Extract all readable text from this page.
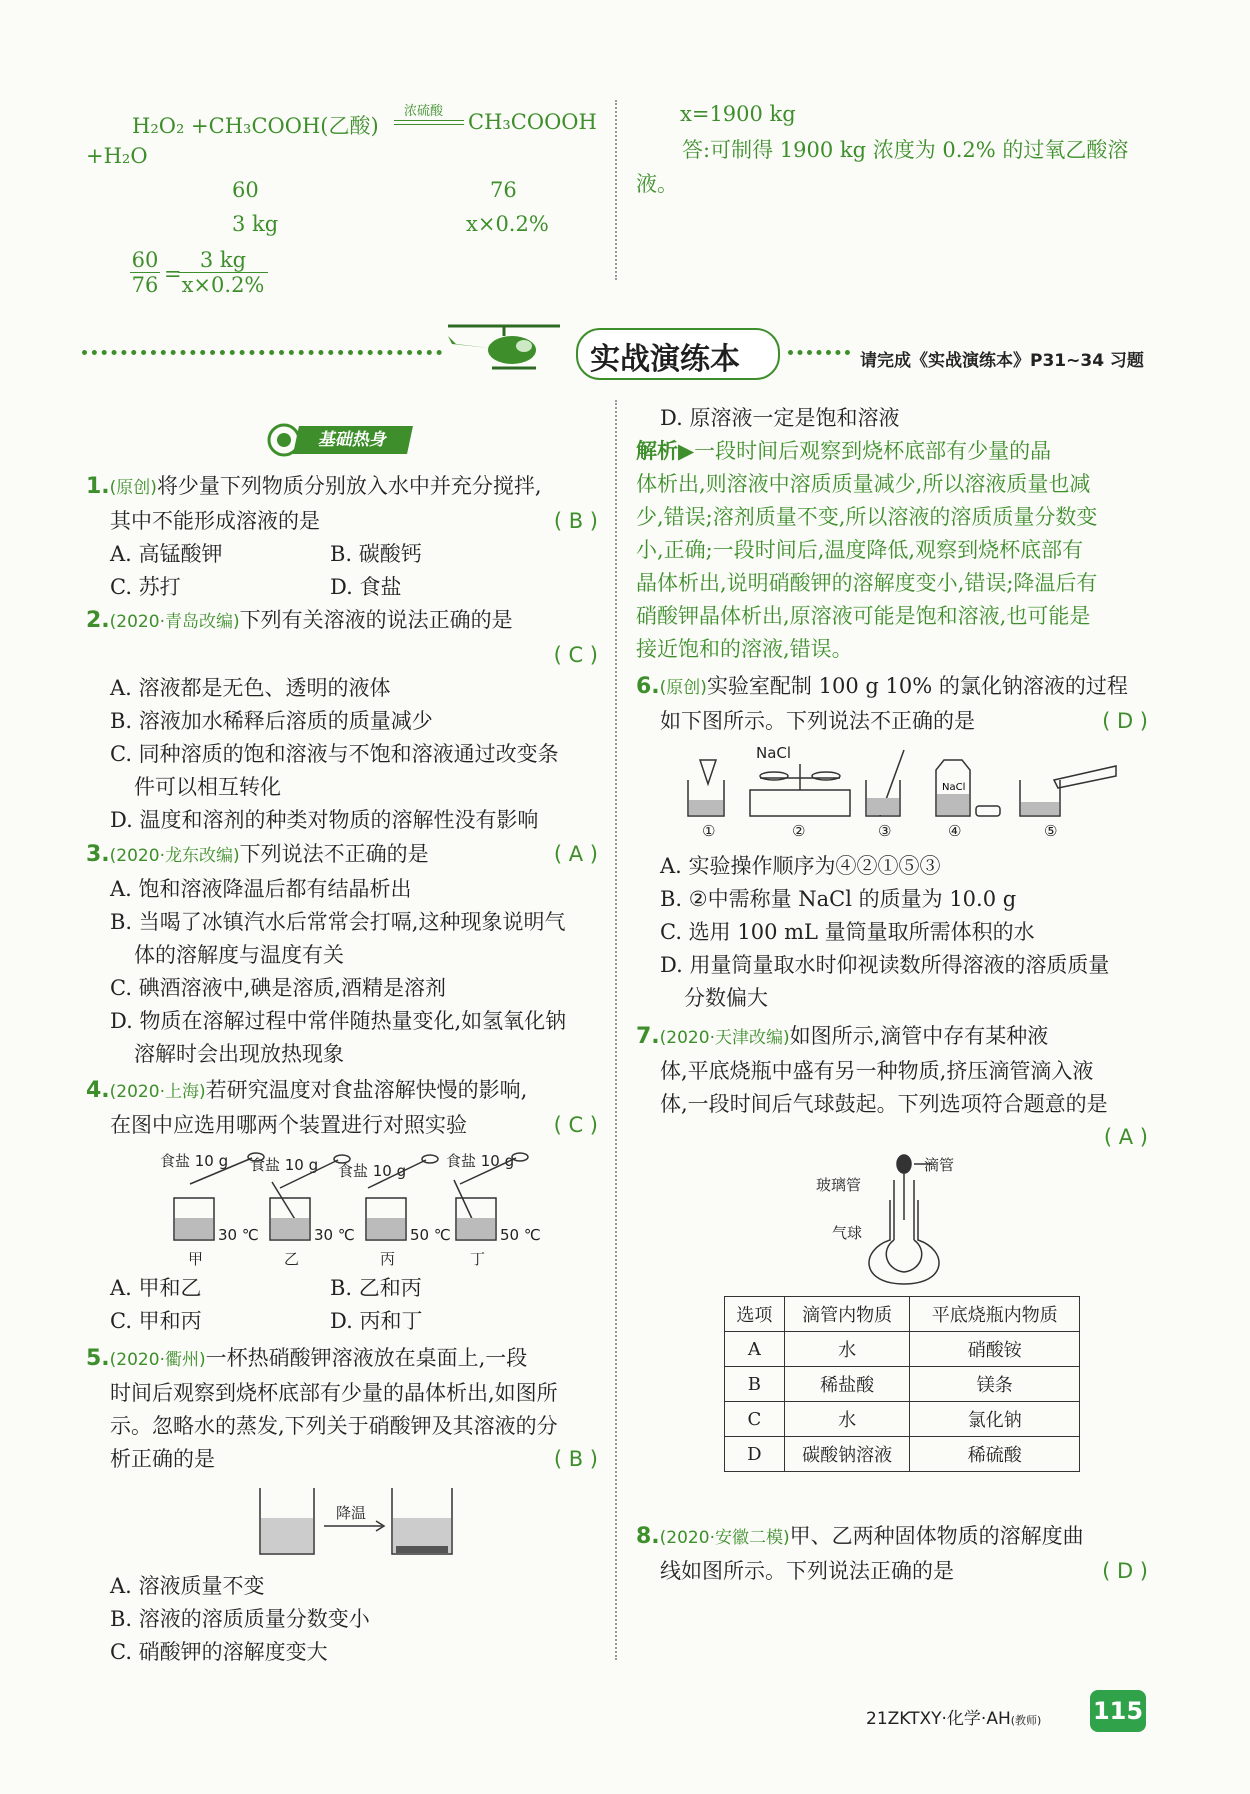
H₂O₂ +CH₃COOH(乙酸)
浓硫酸 CH₃COOOH
+H₂O
60	76
3 kg	x×0.2%
$\frac{60}{76}$ =
$\frac{3 kg}{x\times 0.2\%}$
x=1900 kg
答:可制得 1900 kg 浓度为 0.2% 的过氧乙酸溶
液。
实战演练本	请完成《实战演练本》P31~34 习题
基础热身
1.(原创)将少量下列物质分别放入水中并充分搅拌,
其中不能形成溶液的是	( B )
A. 高锰酸钾	B. 碳酸钙
C. 苏打	D. 食盐
2.(2020·青岛改编)下列有关溶液的说法正确的是
( C )
A. 溶液都是无色、透明的液体
B. 溶液加水稀释后溶质的质量减少
C. 同种溶质的饱和溶液与不饱和溶液通过改变条
件可以相互转化
D. 温度和溶剂的种类对物质的溶解性没有影响
3.(2020·龙东改编)下列说法不正确的是	( A )
A. 饱和溶液降温后都有结晶析出
B. 当喝了冰镇汽水后常常会打嗝,这种现象说明气
体的溶解度与温度有关
C. 碘酒溶液中,碘是溶质,酒精是溶剂
D. 物质在溶解过程中常伴随热量变化,如氢氧化钠
溶解时会出现放热现象
4.(2020·上海)若研究温度对食盐溶解快慢的影响,
在图中应选用哪两个装置进行对照实验	( C )
食盐 10 g 食盐 10 g 食盐 10 g
食盐 10 g
30 ℃	30 ℃	50 ℃	50 ℃
甲	乙	丙	丁
A. 甲和乙	B. 乙和丙
C. 甲和丙	D. 丙和丁
5.(2020·衢州)一杯热硝酸钾溶液放在桌面上,一段
时间后观察到烧杯底部有少量的晶体析出,如图所
示。忽略水的蒸发,下列关于硝酸钾及其溶液的分
析正确的是	( B )
降温
A. 溶液质量不变
B. 溶液的溶质质量分数变小
C. 硝酸钾的溶解度变大
D. 原溶液一定是饱和溶液
解析▶一段时间后观察到烧杯底部有少量的晶
体析出,则溶液中溶质质量减少,所以溶液质量也减
少,错误;溶剂质量不变,所以溶液的溶质质量分数变
小,正确;一段时间后,温度降低,观察到烧杯底部有
晶体析出,说明硝酸钾的溶解度变小,错误;降温后有
硝酸钾晶体析出,原溶液可能是饱和溶液,也可能是
接近饱和的溶液,错误。
6.(原创)实验室配制 100 g 10% 的氯化钠溶液的过程
如下图所示。下列说法不正确的是	( D )
NaCl
NaCl
①	②	③	④	⑤
A. 实验操作顺序为④②①⑤③
B. ②中需称量 NaCl 的质量为 10.0 g
C. 选用 100 mL 量筒量取所需体积的水
D. 用量筒量取水时仰视读数所得溶液的溶质质量
分数偏大
7.(2020·天津改编)如图所示,滴管中存有某种液
体,平底烧瓶中盛有另一种物质,挤压滴管滴入液
体,一段时间后气球鼓起。下列选项符合题意的是
( A )
滴管
玻璃管
气球
选项	滴管内物质	平底烧瓶内物质
A	水	硝酸铵
B	稀盐酸	镁条
C	水	氯化钠
D	碳酸钠溶液	稀硫酸
8.(2020·安徽二模)甲、乙两种固体物质的溶解度曲
线如图所示。下列说法正确的是	( D )
21ZKTXY·化学·AH(教师) 115
